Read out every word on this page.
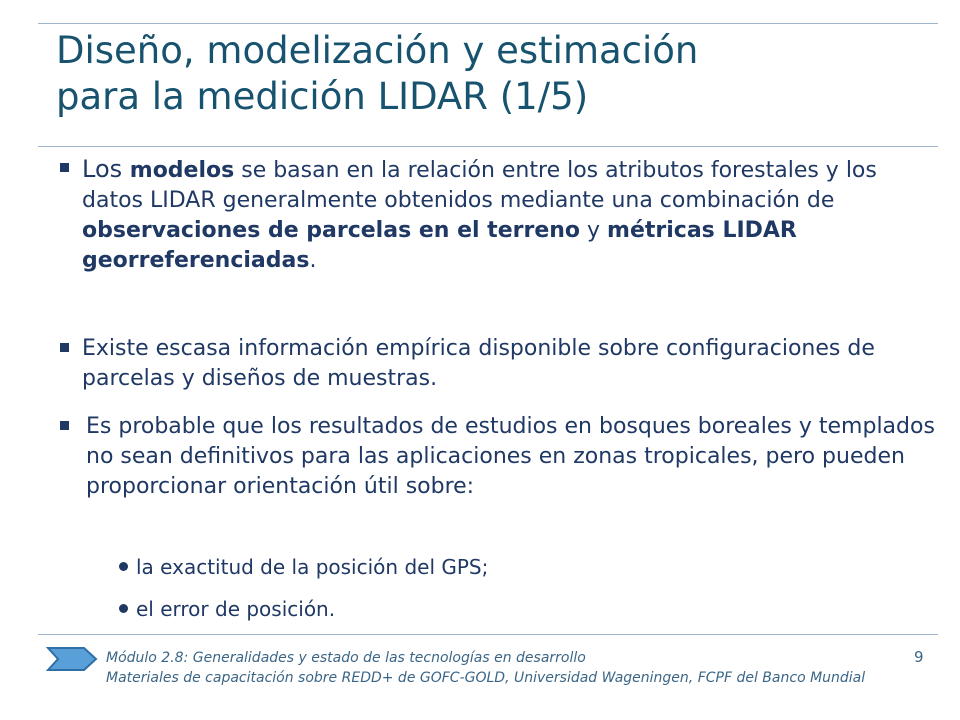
Diseño, modelización y estimación
para la medición LIDAR (1/5)
Los modelos se basan en la relación entre los atributos forestales y los datos LIDAR generalmente obtenidos mediante una combinación de observaciones de parcelas en el terreno y métricas LIDAR georreferenciadas.
Existe escasa información empírica disponible sobre configuraciones de parcelas y diseños de muestras.
Es probable que los resultados de estudios en bosques boreales y templados no sean definitivos para las aplicaciones en zonas tropicales, pero pueden proporcionar orientación útil sobre:
la exactitud de la posición del GPS;
el error de posición.
Módulo 2.8: Generalidades y estado de las tecnologías en desarrollo
Materiales de capacitación sobre REDD+ de GOFC-GOLD, Universidad Wageningen, FCPF del Banco Mundial
9
